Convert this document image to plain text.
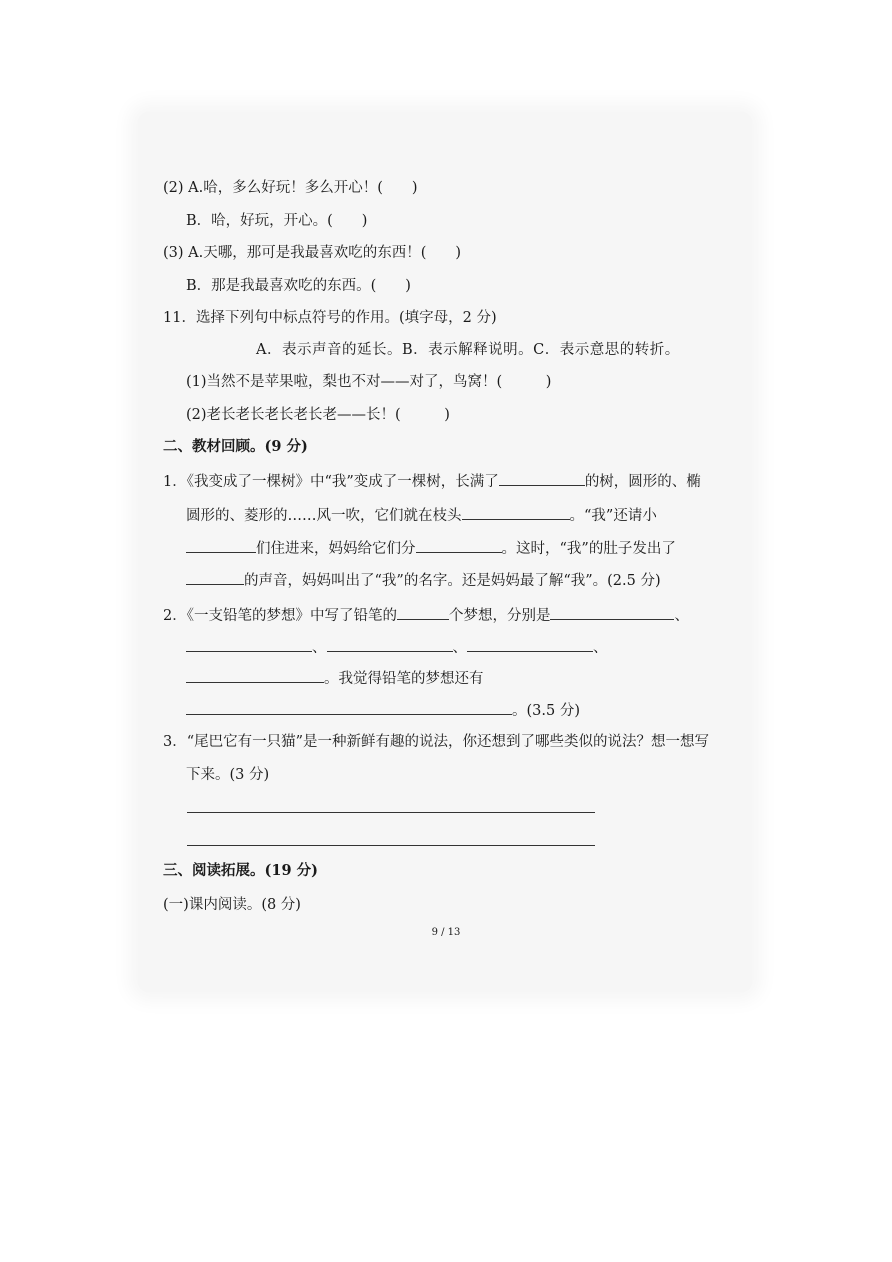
(2) A.哈，多么好玩！多么开心！(　　)
B．哈，好玩，开心。(　　)
(3) A.天哪，那可是我最喜欢吃的东西！(　　)
B．那是我最喜欢吃的东西。(　　)
11．选择下列句中标点符号的作用。(填字母，2 分)
A．表示声音的延长。B．表示解释说明。C．表示意思的转折。
(1)当然不是苹果啦，梨也不对——对了，鸟窝！(　　　)
(2)老长老长老长老长老——长！(　　　)
二、教材回顾。(9 分)
1．《我变成了一棵树》中“我”变成了一棵树，长满了	的树，圆形的、椭
圆形的、菱形的……风一吹，它们就在枝头	。“我”还请小
们住进来，妈妈给它们分	。这时，“我”的肚子发出了
的声音，妈妈叫出了“我”的名字。还是妈妈最了解“我”。(2.5 分)
2．《一支铅笔的梦想》中写了铅笔的	个梦想，分别是	、
、	、	、
。我觉得铅笔的梦想还有
。(3.5 分)
3．“尾巴它有一只猫”是一种新鲜有趣的说法，你还想到了哪些类似的说法？想一想写
下来。(3 分)
三、阅读拓展。(19 分)
(一)课内阅读。(8 分)
9 / 13
